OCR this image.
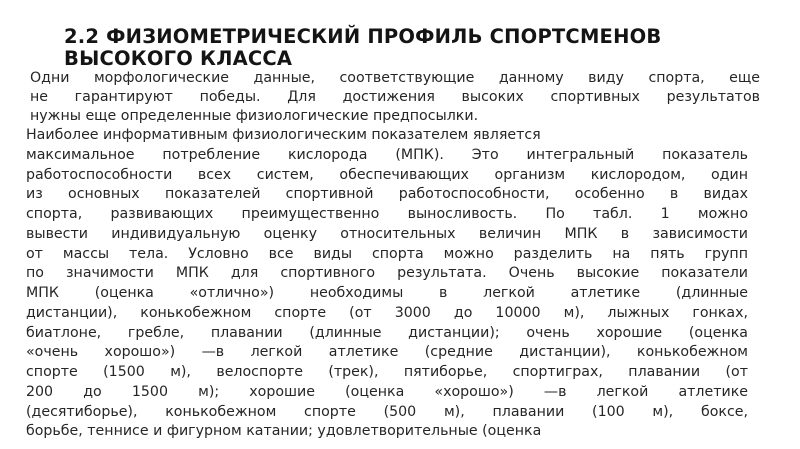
2.2 ФИЗИОМЕТРИЧЕСКИЙ ПРОФИЛЬ СПОРТСМЕНОВ
ВЫСОКОГО КЛАССА
Одни морфологические данные, соответствующие данному виду спорта, еще
не гарантируют победы. Для достижения высоких спортивных результатов
нужны еще определенные физиологические предпосылки.
Наиболее информативным физиологическим показателем является
максимальное потребление кислорода (МПК). Это интегральный показатель
работоспособности всех систем, обеспечивающих организм кислородом, один
из основных показателей спортивной работоспособности, особенно в видах
спорта, развивающих преимущественно выносливость. По табл. 1 можно
вывести индивидуальную оценку относительных величин МПК в зависимости
от массы тела. Условно все виды спорта можно разделить на пять групп
по значимости МПК для спортивного результата. Очень высокие показатели
МПК (оценка «отлично») необходимы в легкой атлетике (длинные
дистанции), конькобежном спорте (от 3000 до 10000 м), лыжных гонках,
биатлоне, гребле, плавании (длинные дистанции); очень хорошие (оценка
«очень хорошо») —в легкой атлетике (средние дистанции), конькобежном
спорте (1500 м), велоспорте (трек), пятиборье, спортиграх, плавании (от
200 до 1500 м); хорошие (оценка «хорошо») —в легкой атлетике
(десятиборье), конькобежном спорте (500 м), плавании (100 м), боксе,
борьбе, теннисе и фигурном катании; удовлетворительные (оценка
